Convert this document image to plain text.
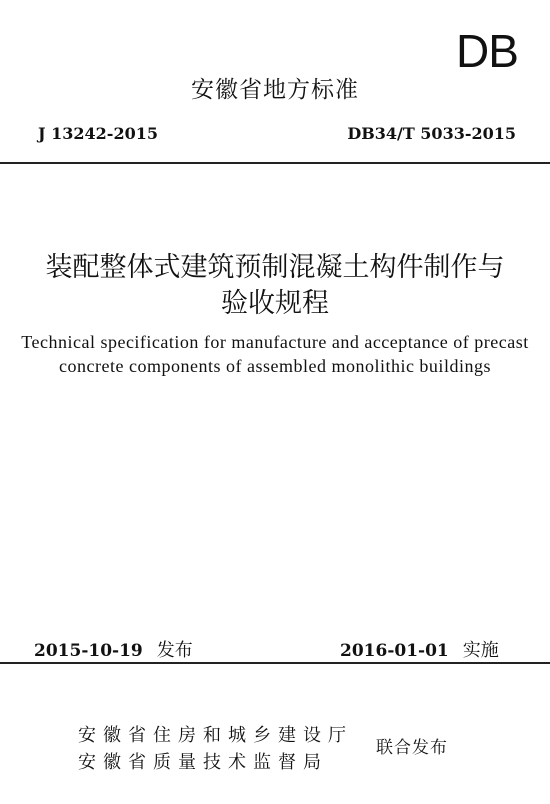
DB
安徽省地方标准
J 13242-2015	DB34/T 5033-2015
装配整体式建筑预制混凝土构件制作与
验收规程
Technical specification for manufacture and acceptance of precast
concrete components of assembled monolithic buildings
2015-10-19 发布	2016-01-01 实施
安徽省住房和城乡建设厅
安徽省质量技术监督局
联合发布
